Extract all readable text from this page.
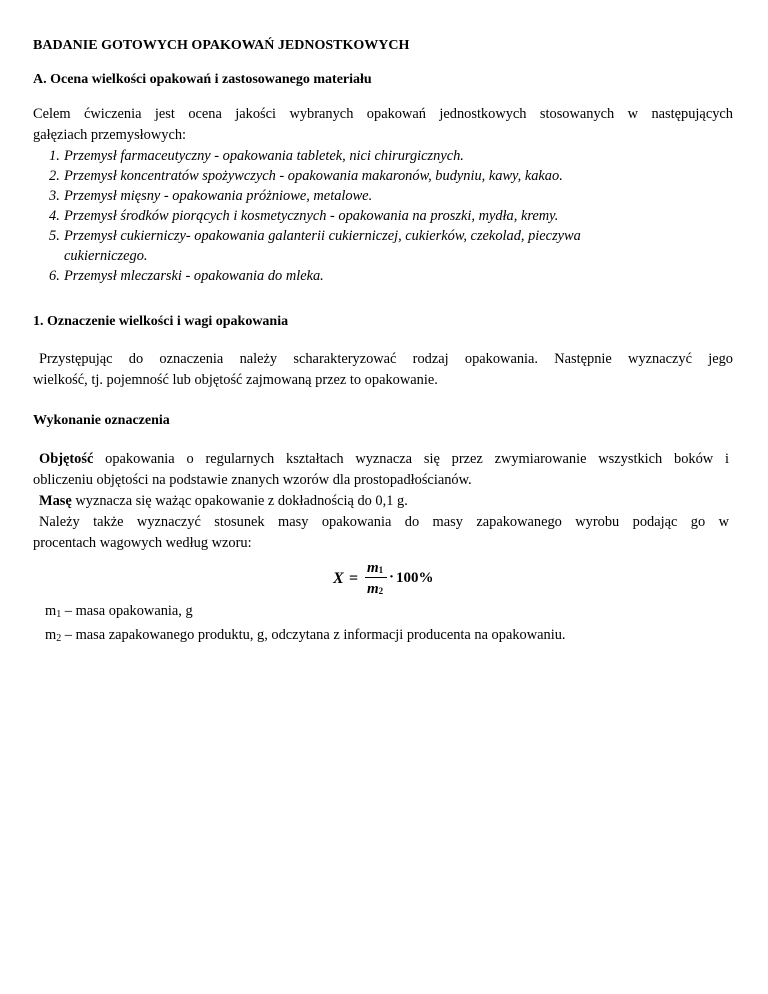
BADANIE GOTOWYCH OPAKOWAŃ JEDNOSTKOWYCH
A. Ocena wielkości opakowań i zastosowanego materiału
Celem ćwiczenia jest ocena jakości wybranych opakowań jednostkowych stosowanych w następujących
gałęziach przemysłowych:
1. Przemysł farmaceutyczny - opakowania tabletek, nici chirurgicznych.
2. Przemysł koncentratów spożywczych - opakowania makaronów, budyniu, kawy, kakao.
3. Przemysł mięsny - opakowania próżniowe, metalowe.
4. Przemysł środków piorących i kosmetycznych - opakowania na proszki, mydła, kremy.
5. Przemysł cukierniczy- opakowania galanterii cukierniczej, cukierków, czekolad, pieczywa
cukierniczego.
6. Przemysł mleczarski - opakowania do mleka.
1. Oznaczenie wielkości i wagi opakowania
Przystępując do oznaczenia należy scharakteryzować rodzaj opakowania. Następnie wyznaczyć jego
wielkość, tj. pojemność lub objętość zajmowaną przez to opakowanie.
Wykonanie oznaczenia
Objętość opakowania o regularnych kształtach wyznacza się przez zwymiarowanie wszystkich boków i
obliczeniu objętości na podstawie znanych wzorów dla prostopadłościanów.
Masę wyznacza się ważąc opakowanie z dokładnością do 0,1 g.
Należy także wyznaczyć stosunek masy opakowania do masy zapakowanego wyrobu podając go w
procentach wagowych według wzoru:
X =
$m_1$
$m_2$
· 100%
$m_1$ – masa opakowania, g
$m_2$ – masa zapakowanego produktu, g, odczytana z informacji producenta na opakowaniu.
